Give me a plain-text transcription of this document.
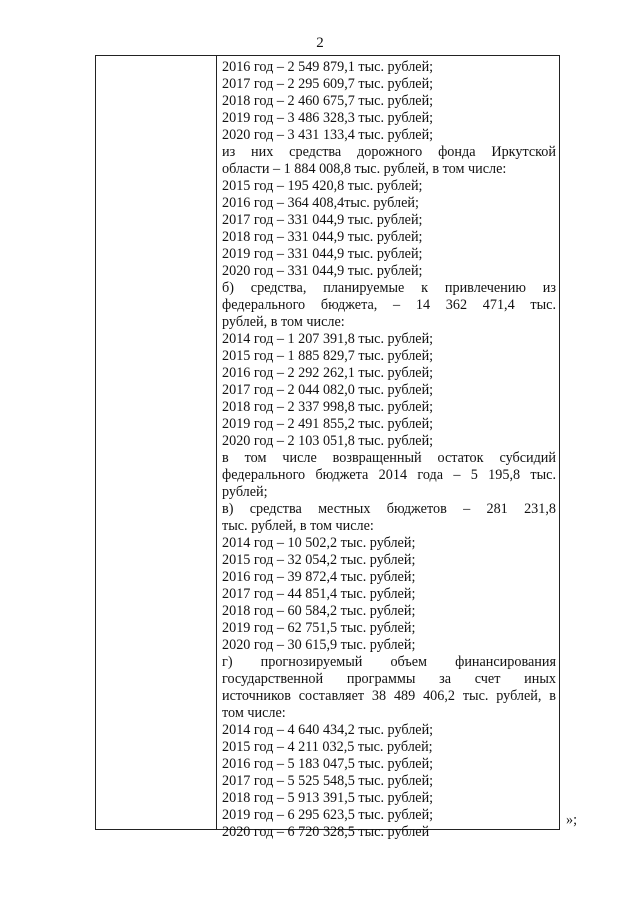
2
2016 год – 2 549 879,1 тыс. рублей;
2017 год – 2 295 609,7 тыс. рублей;
2018 год – 2 460 675,7 тыс. рублей;
2019 год – 3 486 328,3 тыс. рублей;
2020 год – 3 431 133,4 тыс. рублей;
из них средства дорожного фонда Иркутской
области – 1 884 008,8 тыс. рублей, в том числе:
2015 год – 195 420,8 тыс. рублей;
2016 год – 364 408,4тыс. рублей;
2017 год – 331 044,9 тыс. рублей;
2018 год – 331 044,9 тыс. рублей;
2019 год – 331 044,9 тыс. рублей;
2020 год – 331 044,9 тыс. рублей;
б) средства, планируемые к привлечению из
федерального бюджета, – 14 362 471,4 тыс.
рублей, в том числе:
2014 год – 1 207 391,8 тыс. рублей;
2015 год – 1 885 829,7 тыс. рублей;
2016 год – 2 292 262,1 тыс. рублей;
2017 год – 2 044 082,0 тыс. рублей;
2018 год – 2 337 998,8 тыс. рублей;
2019 год – 2 491 855,2 тыс. рублей;
2020 год – 2 103 051,8 тыс. рублей;
в том числе возвращенный остаток субсидий
федерального бюджета 2014 года – 5 195,8 тыс.
рублей;
в) средства местных бюджетов – 281 231,8
тыс. рублей, в том числе:
2014 год – 10 502,2 тыс. рублей;
2015 год – 32 054,2 тыс. рублей;
2016 год – 39 872,4 тыс. рублей;
2017 год – 44 851,4 тыс. рублей;
2018 год – 60 584,2 тыс. рублей;
2019 год – 62 751,5 тыс. рублей;
2020 год – 30 615,9 тыс. рублей;
г) прогнозируемый объем финансирования
государственной программы за счет иных
источников составляет 38 489 406,2 тыс. рублей, в
том числе:
2014 год – 4 640 434,2 тыс. рублей;
2015 год – 4 211 032,5 тыс. рублей;
2016 год – 5 183 047,5 тыс. рублей;
2017 год – 5 525 548,5 тыс. рублей;
2018 год – 5 913 391,5 тыс. рублей;
2019 год – 6 295 623,5 тыс. рублей;
2020 год – 6 720 328,5 тыс. рублей
»;
